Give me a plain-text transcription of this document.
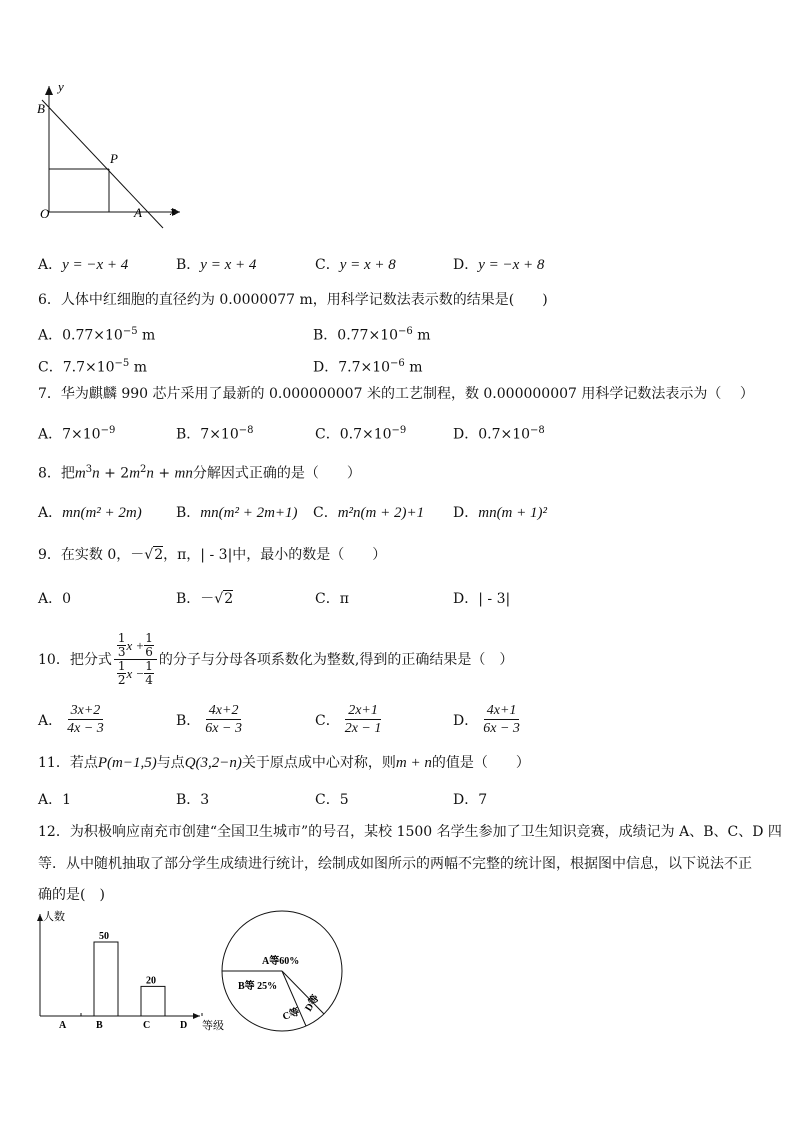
y
x
B
O
P
A
A．y = −x + 4	B．y = x + 4	C．y = x + 8	D．y = −x + 8
6．人体中红细胞的直径约为 0.0000077 m，用科学记数法表示数的结果是(　　)
A．$0.77\times 10^{-5}$ m	B．$0.77\times 10^{-6}$ m
C．$7.7\times 10^{-5}$ m	D．$7.7\times 10^{-6}$ m
7．华为麒麟 990 芯片采用了最新的 0.000000007 米的工艺制程，数 0.000000007 用科学记数法表示为（　 ）
A．$7\times 10^{-9}$	B．$7\times 10^{-8}$	C．$0.7\times 10^{-9}$	D．$0.7\times 10^{-8}$
8．把$m^3n + 2m^2n$ + mn分解因式正确的是（　　）
A．mn(m² + 2m) B．mn(m² + 2m+1) C．m²n(m + 2)+1 D．mn(m + 1)²
9．在实数 0，－√2，π，| - 3|中，最小的数是（　　）
A．0	B．－√2	C．π	D．| - 3|
10．把分式 $\frac{\frac{1}{3} x + \frac{1}{6}}{\frac{1}{2} x - \frac{1}{4}}$ 的分子与分母各项系数化为整数,得到的正确结果是（　）
A． $\frac{3x+2}{4x - 3}$	B． $\frac{4x+2}{6x - 3}$	C． $\frac{2x+1}{2x - 1}$	D． $\frac{4x+1}{6x - 3}$
11．若点P(m−1,5)与点Q(3,2−n)关于原点成中心对称，则m + n的值是（　　）
A．1	B．3	C．5	D．7
12．为积极响应南充市创建“全国卫生城市”的号召，某校 1500 名学生参加了卫生知识竞赛，成绩记为 A、B、C、D 四
等．从中随机抽取了部分学生成绩进行统计，绘制成如图所示的两幅不完整的统计图，根据图中信息，以下说法不正
确的是(　)
人数
等级
A	B
50
C
20
D
A等60%
B等 25%
C等
D等
